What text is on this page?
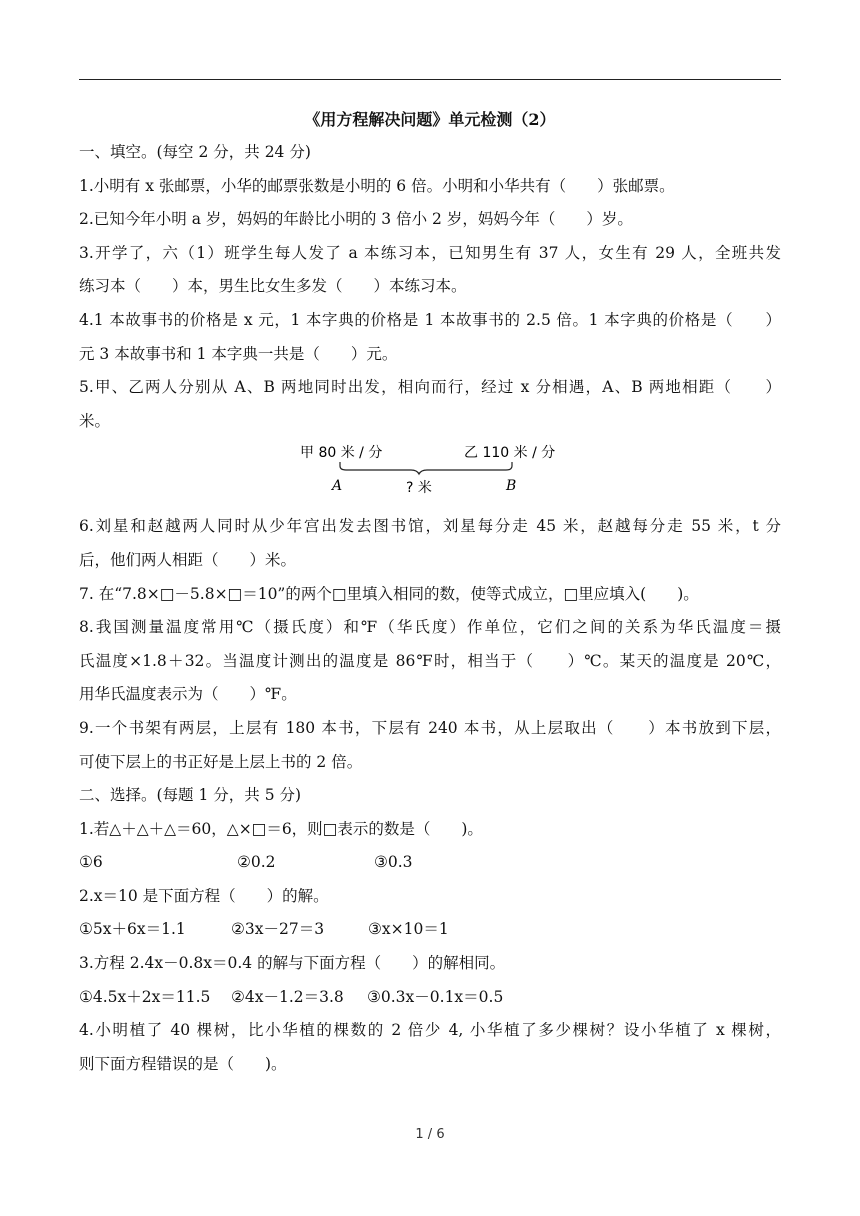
《用方程解决问题》单元检测（2）
一、填空。(每空 2 分，共 24 分)
1.小明有 x 张邮票，小华的邮票张数是小明的 6 倍。小明和小华共有（　　）张邮票。
2.已知今年小明 a 岁，妈妈的年龄比小明的 3 倍小 2 岁，妈妈今年（　　）岁。
3.开学了，六（1）班学生每人发了 a 本练习本，已知男生有 37 人，女生有 29 人，全班共发
练习本（　　）本，男生比女生多发（　　）本练习本。
4.1 本故事书的价格是 x 元，1 本字典的价格是 1 本故事书的 2.5 倍。1 本字典的价格是（　　）
元 3 本故事书和 1 本字典一共是（　　）元。
5.甲、乙两人分别从 A、B 两地同时出发，相向而行，经过 x 分相遇，A、B 两地相距（　　）
米。
甲 80 米 / 分	乙 110 米 / 分
A	B
? 米
6.刘星和赵越两人同时从少年宫出发去图书馆，刘星每分走 45 米，赵越每分走 55 米，t 分
后，他们两人相距（　　）米。
7. 在“7.8×□－5.8×□＝10”的两个□里填入相同的数，使等式成立，□里应填入(　　)。
8.我国测量温度常用℃（摄氏度）和℉（华氏度）作单位，它们之间的关系为华氏温度＝摄
氏温度×1.8＋32。当温度计测出的温度是 86℉时，相当于（　　）℃。某天的温度是 20℃，
用华氏温度表示为（　　）℉。
9.一个书架有两层，上层有 180 本书，下层有 240 本书，从上层取出（　　）本书放到下层，
可使下层上的书正好是上层上书的 2 倍。
二、选择。(每题 1 分，共 5 分)
1.若△＋△＋△＝60，△×□＝6，则□表示的数是（　　)。
①6	②0.2	③0.3
2.x＝10 是下面方程（　　）的解。
①5x＋6x＝1.1	②3x－27＝3	③x×10＝1
3.方程 2.4x－0.8x＝0.4 的解与下面方程（　　）的解相同。
①4.5x＋2x＝11.5 ②4x－1.2＝3.8 ③0.3x－0.1x＝0.5
4.小明植了 40 棵树，比小华植的棵数的 2 倍少 4, 小华植了多少棵树？设小华植了 x 棵树，
则下面方程错误的是（　　)。
1 / 6
